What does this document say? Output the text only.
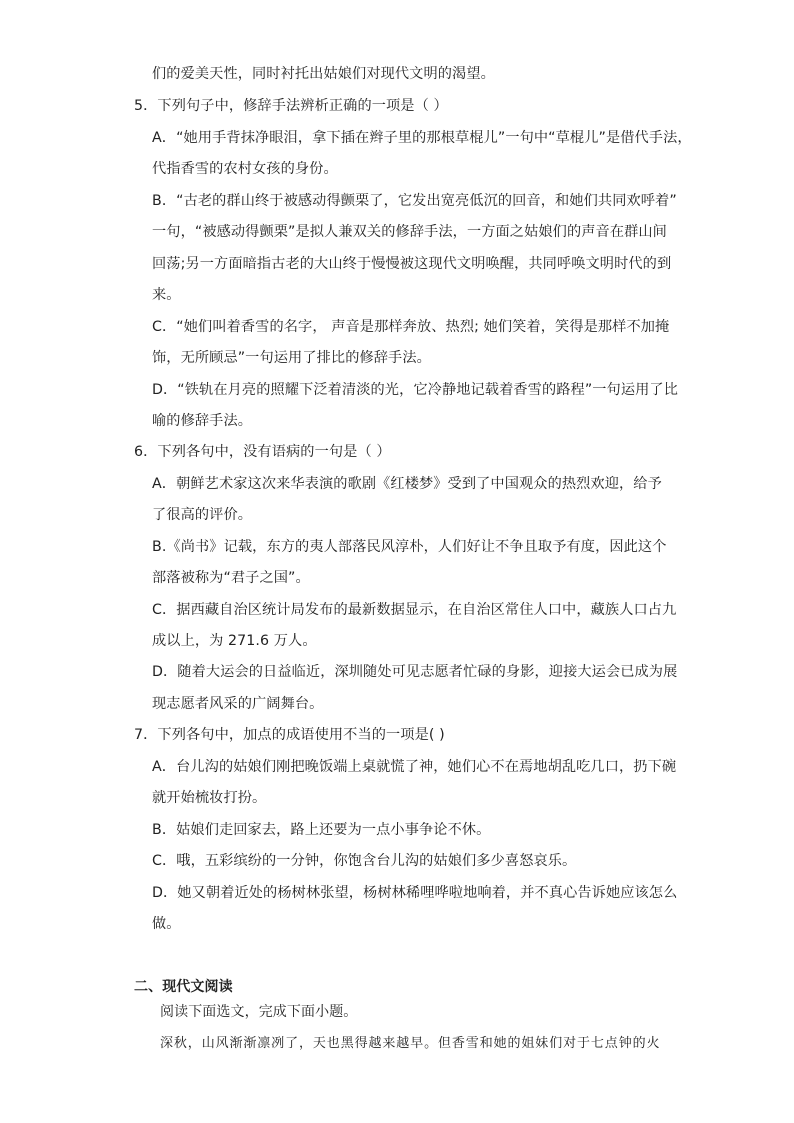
们的爱美天性，同时衬托出姑娘们对现代文明的渴望。
5．下列句子中，修辞手法辨析正确的一项是（ ）
A．“她用手背抹净眼泪，拿下插在辫子里的那根草棍儿”一句中“草棍儿”是借代手法，
代指香雪的农村女孩的身份。
B．“古老的群山终于被感动得颤栗了，它发出宽亮低沉的回音，和她们共同欢呼着”
一句，“被感动得颤栗”是拟人兼双关的修辞手法，一方面之姑娘们的声音在群山间
回荡;另一方面暗指古老的大山终于慢慢被这现代文明唤醒，共同呼唤文明时代的到
来。
C．“她们叫着香雪的名字， 声音是那样奔放、热烈; 她们笑着，笑得是那样不加掩
饰，无所顾忌”一句运用了排比的修辞手法。
D．“铁轨在月亮的照耀下泛着清淡的光，它冷静地记载着香雪的路程”一句运用了比
喻的修辞手法。
6．下列各句中，没有语病的一句是（ ）
A．朝鲜艺术家这次来华表演的歌剧《红楼梦》受到了中国观众的热烈欢迎，给予
了很高的评价。
B.《尚书》记载，东方的夷人部落民风淳朴，人们好让不争且取予有度，因此这个
部落被称为“君子之国”。
C．据西藏自治区统计局发布的最新数据显示，在自治区常住人口中，藏族人口占九
成以上，为 271.6 万人。
D．随着大运会的日益临近，深圳随处可见志愿者忙碌的身影，迎接大运会已成为展
现志愿者风采的广阔舞台。
7．下列各句中，加点的成语使用不当的一项是( )
A．台儿沟的姑娘们刚把晚饭端上桌就慌了神，她们心不在焉地胡乱吃几口，扔下碗
就开始梳妆打扮。
B．姑娘们走回家去，路上还要为一点小事争论不休。
C．哦，五彩缤纷的一分钟，你饱含台儿沟的姑娘们多少喜怒哀乐。
D．她又朝着近处的杨树林张望，杨树林稀哩哗啦地响着，并不真心告诉她应该怎么
做。
二、现代文阅读
阅读下面选文，完成下面小题。
深秋，山风渐渐凛冽了，天也黑得越来越早。但香雪和她的姐妹们对于七点钟的火
